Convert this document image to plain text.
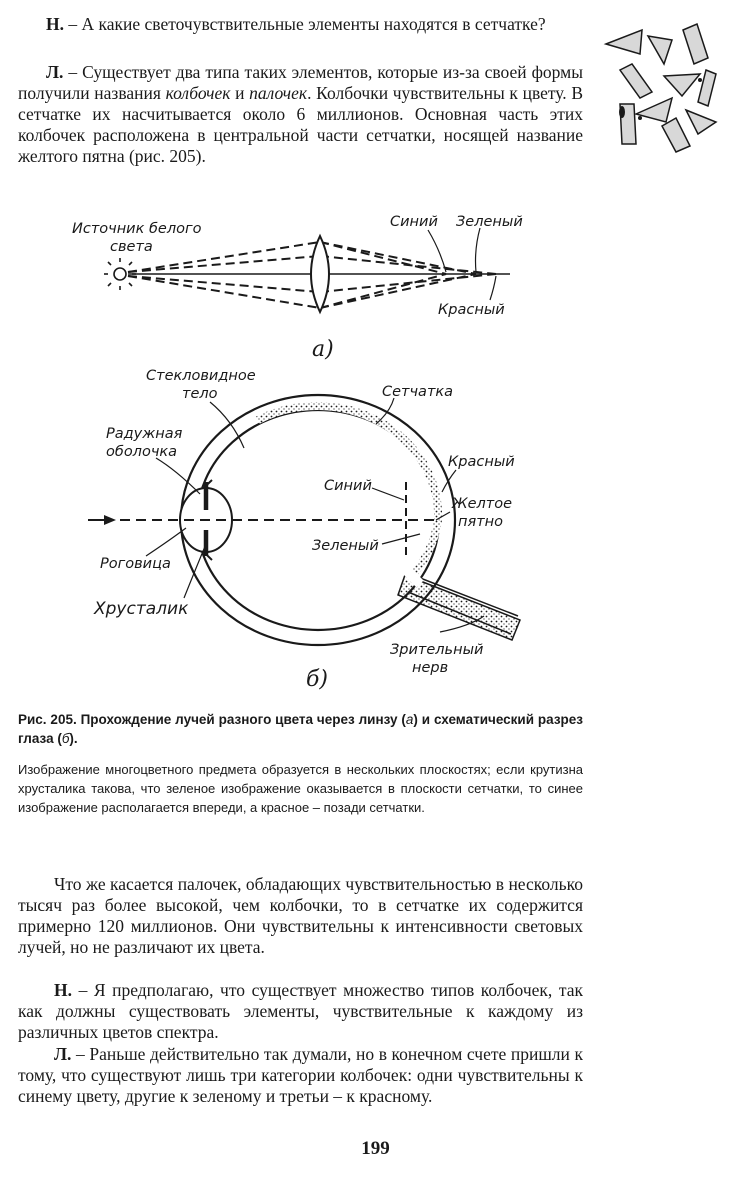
Н. – А какие светочувствительные элементы находятся в сетчатке?

Л. – Существует два типа таких элементов, которые из-за своей формы получили названия колбочек и палочек. Колбочки чувствительны к цвету. В сетчатке их насчитывается около 6 миллионов. Основная часть этих колбочек расположена в центральной части сетчатки, носящей название желтого пятна (рис. 205).

Источник белого
света
Синий Зеленый
Красный
а)
Стекловидное
тело	Сетчатка
Радужная
оболочка
Красный
Синий
Желтое
пятно
Зеленый
Роговица
Хрусталик
Зрительный
нерв
б)

Рис. 205. Прохождение лучей разного цвета через линзу (а) и схематический разрез глаза (б).

Изображение многоцветного предмета образуется в нескольких плоскостях; если крутизна хрусталика такова, что зеленое изображение оказывается в плоскости сетчатки, то синее изображение располагается впереди, а красное – позади сетчатки.

Что же касается палочек, обладающих чувствительностью в несколько тысяч раз более высокой, чем колбочки, то в сетчатке их содержится примерно 120 миллионов. Они чувствительны к интенсивности световых лучей, но не различают их цвета.

Н. – Я предполагаю, что существует множество типов колбочек, так как должны существовать элементы, чувствительные к каждому из различных цветов спектра.

Л. – Раньше действительно так думали, но в конечном счете пришли к тому, что существуют лишь три категории колбочек: одни чувствительны к синему цвету, другие к зеленому и третьи – к красному.

199
